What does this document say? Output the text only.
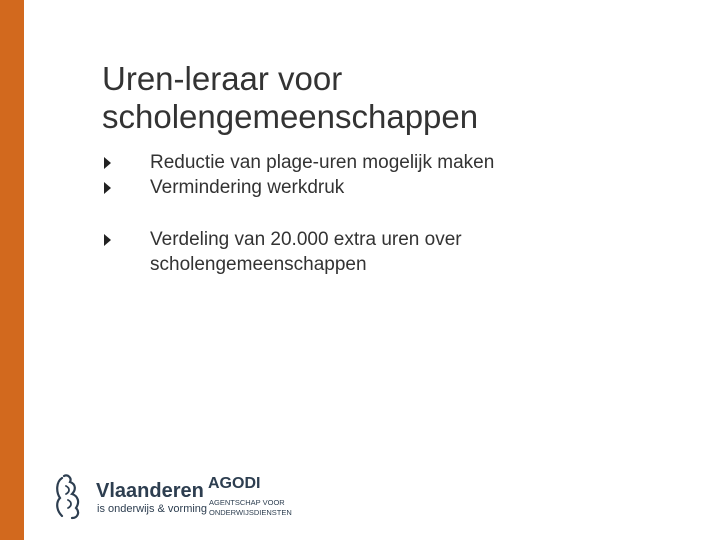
Uren-leraar voor scholengemeenschappen
Reductie van plage-uren mogelijk maken
Vermindering werkdruk
Verdeling van 20.000 extra uren over scholengemeenschappen
Vlaanderen
is onderwijs & vorming
AGODI
AGENTSCHAP VOOR ONDERWIJSDIENSTEN
